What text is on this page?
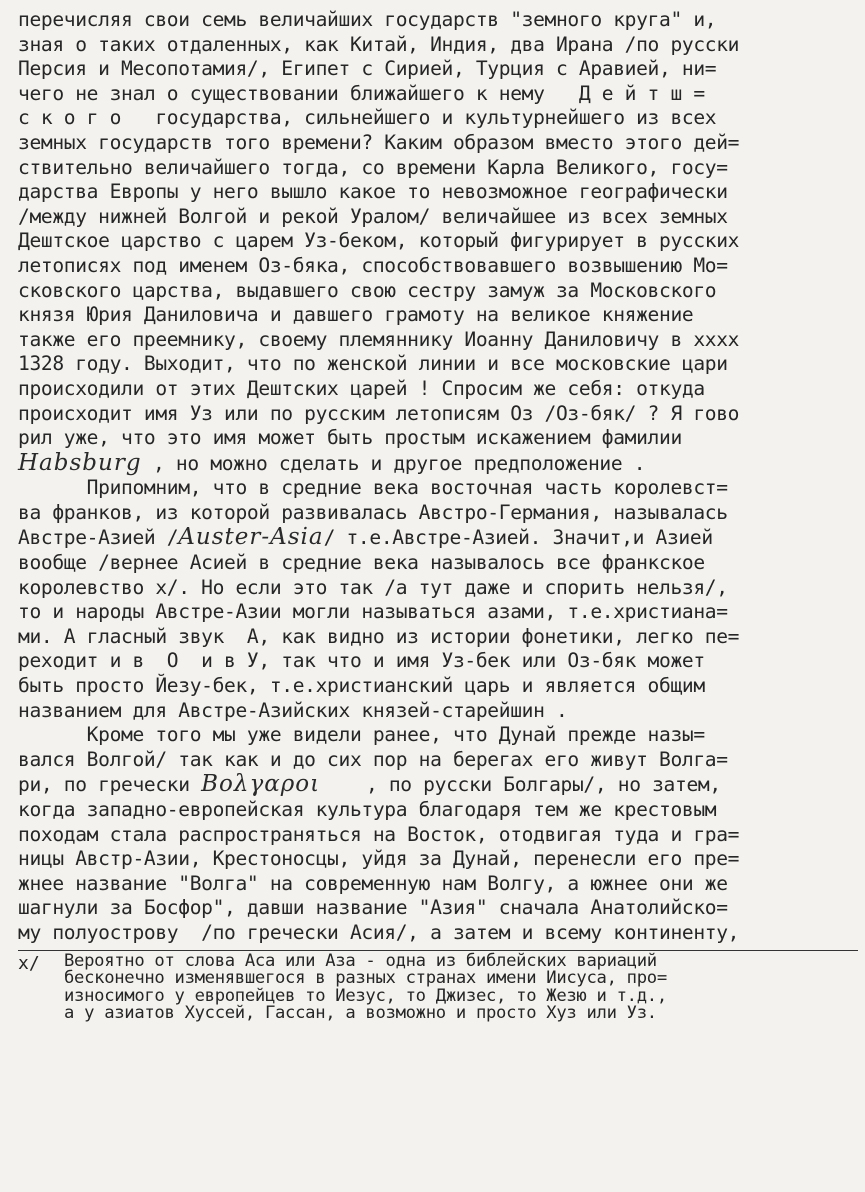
перечисляя свои семь величайших государств "земного круга" и,
зная о таких отдаленных, как Китай, Индия, два Ирана /по русски
Персия и Месопотамия/, Египет с Сирией, Турция с Аравией, ни=
чего не знал о существовании ближайшего к нему   Д е й т ш =
с к о г о   государства, сильнейшего и культурнейшего из всех
земных государств того времени? Каким образом вместо этого дей=
ствительно величайшего тогда, со времени Карла Великого, госу=
дарства Европы у него вышло какое то невозможное географически
/между нижней Волгой и рекой Уралом/ величайшее из всех земных
Дештское царство с царем Уз-беком, который фигурирует в русских
летописях под именем Оз-бяка, способствовавшего возвышению Мо=
сковского царства, выдавшего свою сестру замуж за Московского
князя Юрия Даниловича и давшего грамоту на великое княжение
также его преемнику, своему племяннику Иоанну Даниловичу в xxxx
1328 году. Выходит, что по женской линии и все московские цари
происходили от этих Дештских царей ! Спросим же себя: откуда
происходит имя Уз или по русским летописям Оз /Оз-бяк/ ? Я гово
рил уже, что это имя может быть простым искажением фамилии
Habsburg , но можно сделать и другое предположение .
Припомним, что в средние века восточная часть королевст=
ва франков, из которой развивалась Австро-Германия, называлась
Австре-Азией /Auster-Asia/ т.е.Австре-Азией. Значит,и Азией
вообще /вернее Асией в средние века называлось все франкское
королевство x/. Но если это так /а тут даже и спорить нельзя/,
то и народы Австре-Азии могли называться азами, т.е.христиана=
ми. А гласный звук  А, как видно из истории фонетики, легко пе=
реходит и в  О  и в У, так что и имя Уз-бек или Оз-бяк может
быть просто Йезу-бек, т.е.христианский царь и является общим
названием для Австре-Азийских князей-старейшин .
Кроме того мы уже видели ранее, что Дунай прежде назы=
вался Волгой/ так как и до сих пор на берегах его живут Волга=
ри, по гречески Βολγαροι    , по русски Болгары/, но затем,
когда западно-европейская культура благодаря тем же крестовым
походам стала распространяться на Восток, отодвигая туда и гра=
ницы Австр-Азии, Крестоносцы, уйдя за Дунай, перенесли его пре=
жнее название "Волга" на современную нам Волгу, а южнее они же
шагнули за Босфор", давши название "Азия" сначала Анатолийско=
му полуострову  /по гречески Асия/, а затем и всему континенту,
x/	Вероятно от слова Аса или Аза - одна из библейских вариаций
бесконечно изменявшегося в разных странах имени Иисуса, про=
износимого у европейцев то Иезус, то Джизес, то Жезю и т.д.,
а у азиатов Хуссей, Гассан, а возможно и просто Хуз или Уз.
